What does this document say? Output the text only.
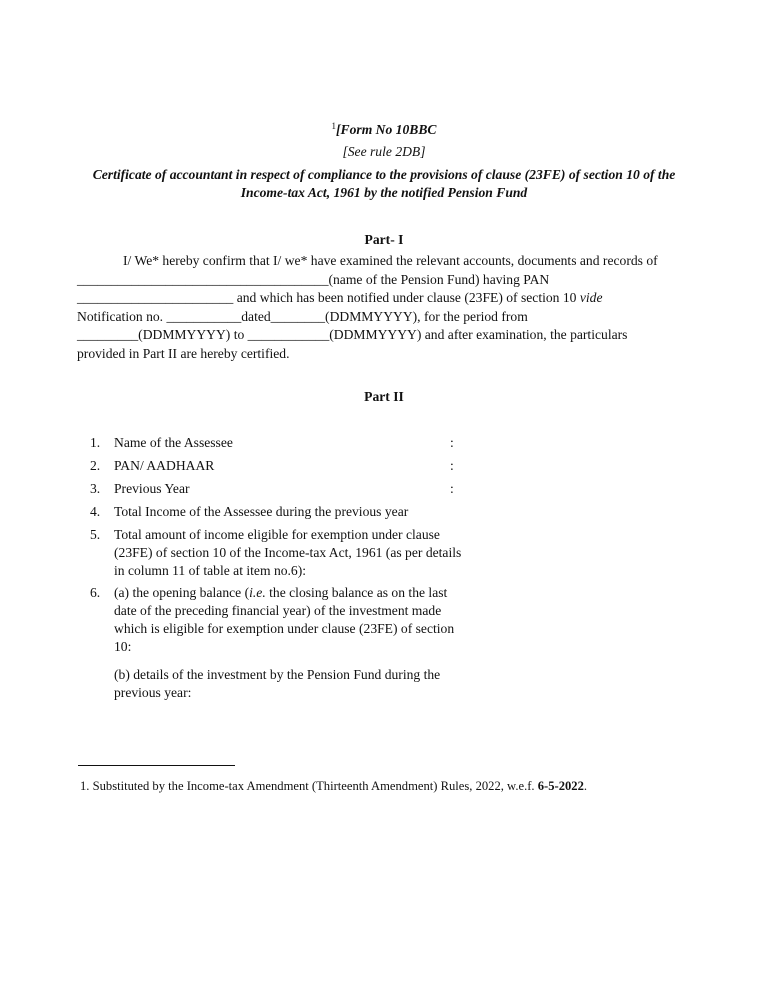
$^1$[Form No 10BBC
[See rule 2DB]
Certificate of accountant in respect of compliance to the provisions of clause (23FE) of section 10 of the Income-tax Act, 1961 by the notified Pension Fund
Part- I

I/ We* hereby confirm that I/ we* have examined the relevant accounts, documents and records of

_____________________________________(name of the Pension Fund) having PAN

_______________________ and which has been notified under clause (23FE) of section 10 vide

Notification no. ___________dated________(DDMMYYYY), for the period from

_________(DDMMYYYY) to ____________(DDMMYYYY) and after examination, the particulars

provided in Part II are hereby certified.

Part II
1. Name of the Assessee	:
2. PAN/ AADHAAR	:
3. Previous Year	:
4. Total Income of the Assessee during the previous year
5. Total amount of income eligible for exemption under clause (23FE) of section 10 of the Income-tax Act, 1961 (as per details in column 11 of table at item no.6):
6. (a) the opening balance (i.e. the closing balance as on the last date of the preceding financial year) of the investment made which is eligible for exemption under clause (23FE) of section 10:
(b) details of the investment by the Pension Fund during the previous year:
1. Substituted by the Income-tax Amendment (Thirteenth Amendment) Rules, 2022, w.e.f. 6-5-2022.
